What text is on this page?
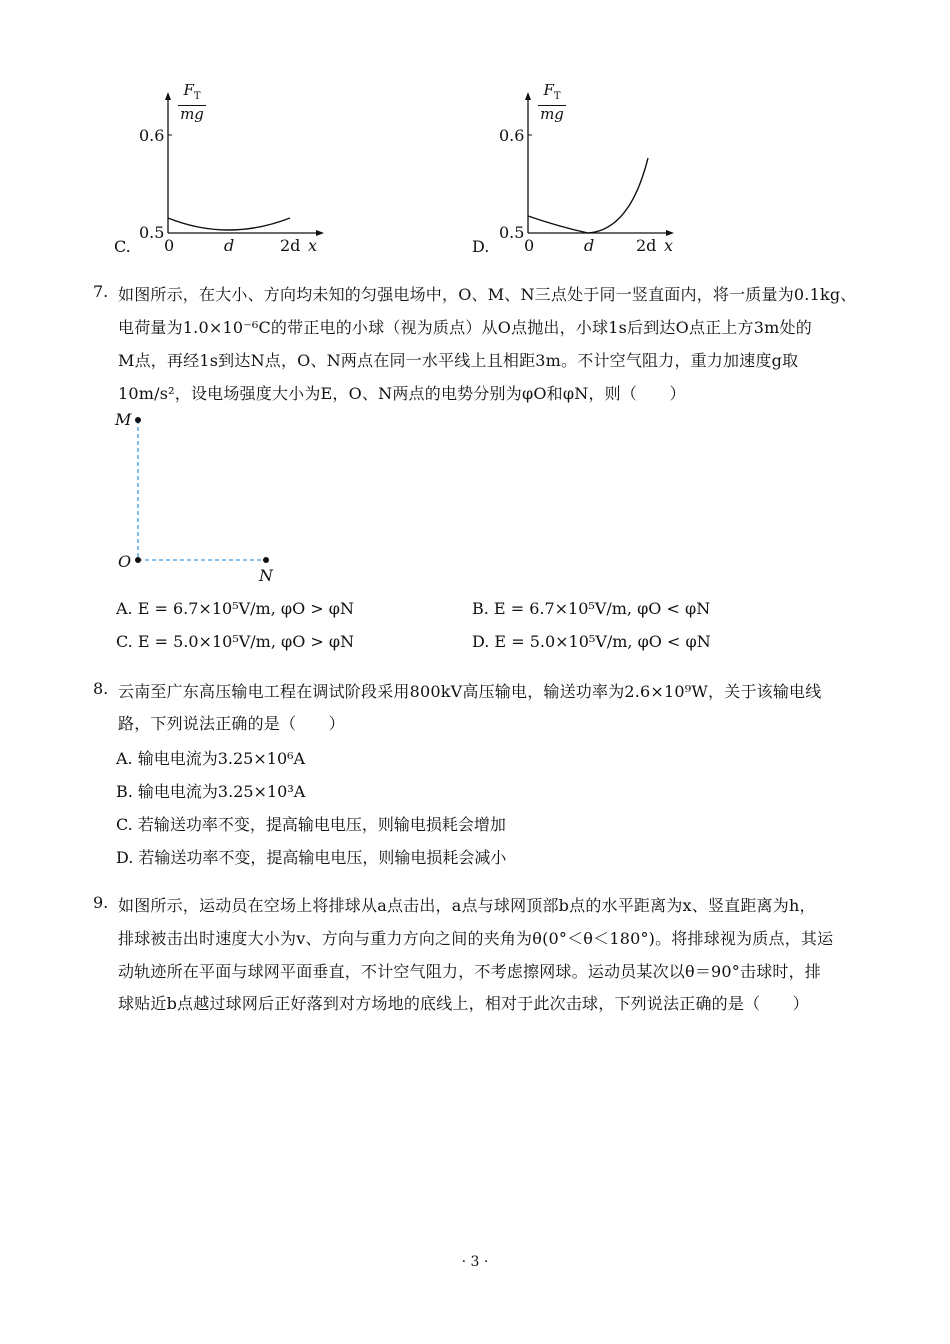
C.
0.6
0.5
0	d	2d x
$F_T$
mg
D.
0.6
0.5
0	d	2d x
$F_T$
mg
7. 如图所示，在大小、方向均未知的匀强电场中，O、M、N三点处于同一竖直面内，将一质量为0.1kg、
电荷量为1.0×10⁻⁶C的带正电的小球（视为质点）从O点抛出，小球1s后到达O点正上方3m处的
M点，再经1s到达N点，O、N两点在同一水平线上且相距3m。不计空气阻力，重力加速度g取
10m/s²，设电场强度大小为E，O、N两点的电势分别为φO和φN，则（　　）
M
O
N
A. E = 6.7×10⁵V/m, φO > φN	B. E = 6.7×10⁵V/m, φO < φN
C. E = 5.0×10⁵V/m, φO > φN	D. E = 5.0×10⁵V/m, φO < φN
8. 云南至广东高压输电工程在调试阶段采用800kV高压输电，输送功率为2.6×10⁹W，关于该输电线
路，下列说法正确的是（　　）
A. 输电电流为3.25×10⁶A
B. 输电电流为3.25×10³A
C. 若输送功率不变，提高输电电压，则输电损耗会增加
D. 若输送功率不变，提高输电电压，则输电损耗会减小
9. 如图所示，运动员在空场上将排球从a点击出，a点与球网顶部b点的水平距离为x、竖直距离为h，
排球被击出时速度大小为v、方向与重力方向之间的夹角为θ(0°＜θ＜180°)。将排球视为质点，其运
动轨迹所在平面与球网平面垂直，不计空气阻力，不考虑擦网球。运动员某次以θ＝90°击球时，排
球贴近b点越过球网后正好落到对方场地的底线上，相对于此次击球，下列说法正确的是（　　）
· 3 ·
